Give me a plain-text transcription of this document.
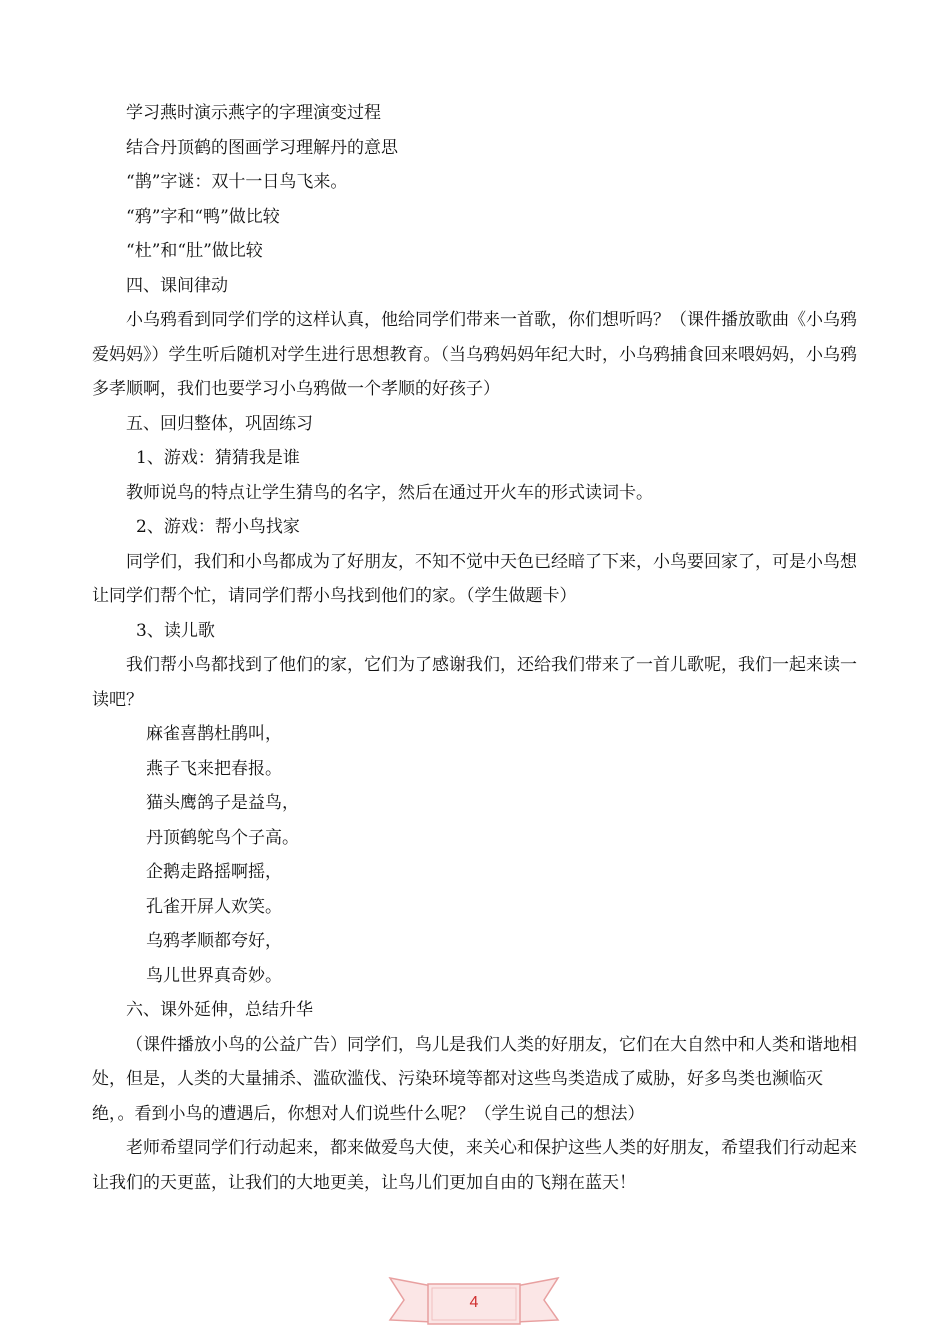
学习燕时演示燕字的字理演变过程

结合丹顶鹤的图画学习理解丹的意思

“鹊”字谜：双十一日鸟飞来。

“鸦”字和“鸭”做比较

“杜”和“肚”做比较

四、课间律动

小乌鸦看到同学们学的这样认真，他给同学们带来一首歌，你们想听吗？（课件播放歌曲《小乌鸦爱妈妈》）学生听后随机对学生进行思想教育。（当乌鸦妈妈年纪大时，小乌鸦捕食回来喂妈妈，小乌鸦多孝顺啊，我们也要学习小乌鸦做一个孝顺的好孩子）

五、回归整体，巩固练习

1、游戏：猜猜我是谁

教师说鸟的特点让学生猜鸟的名字，然后在通过开火车的形式读词卡。

2、游戏：帮小鸟找家

同学们，我们和小鸟都成为了好朋友，不知不觉中天色已经暗了下来，小鸟要回家了，可是小鸟想让同学们帮个忙，请同学们帮小鸟找到他们的家。（学生做题卡）

3、读儿歌

我们帮小鸟都找到了他们的家，它们为了感谢我们，还给我们带来了一首儿歌呢，我们一起来读一读吧？

麻雀喜鹊杜鹃叫，

燕子飞来把春报。

猫头鹰鸽子是益鸟，

丹顶鹤鸵鸟个子高。

企鹅走路摇啊摇，

孔雀开屏人欢笑。

乌鸦孝顺都夸好，

鸟儿世界真奇妙。

六、课外延伸，总结升华

（课件播放小鸟的公益广告）同学们，鸟儿是我们人类的好朋友，它们在大自然中和人类和谐地相处，但是，人类的大量捕杀、滥砍滥伐、污染环境等都对这些鸟类造成了威胁，好多鸟类也濒临灭绝，。看到小鸟的遭遇后，你想对人们说些什么呢？（学生说自己的想法）

老师希望同学们行动起来，都来做爱鸟大使，来关心和保护这些人类的好朋友，希望我们行动起来让我们的天更蓝，让我们的大地更美，让鸟儿们更加自由的飞翔在蓝天！

4
